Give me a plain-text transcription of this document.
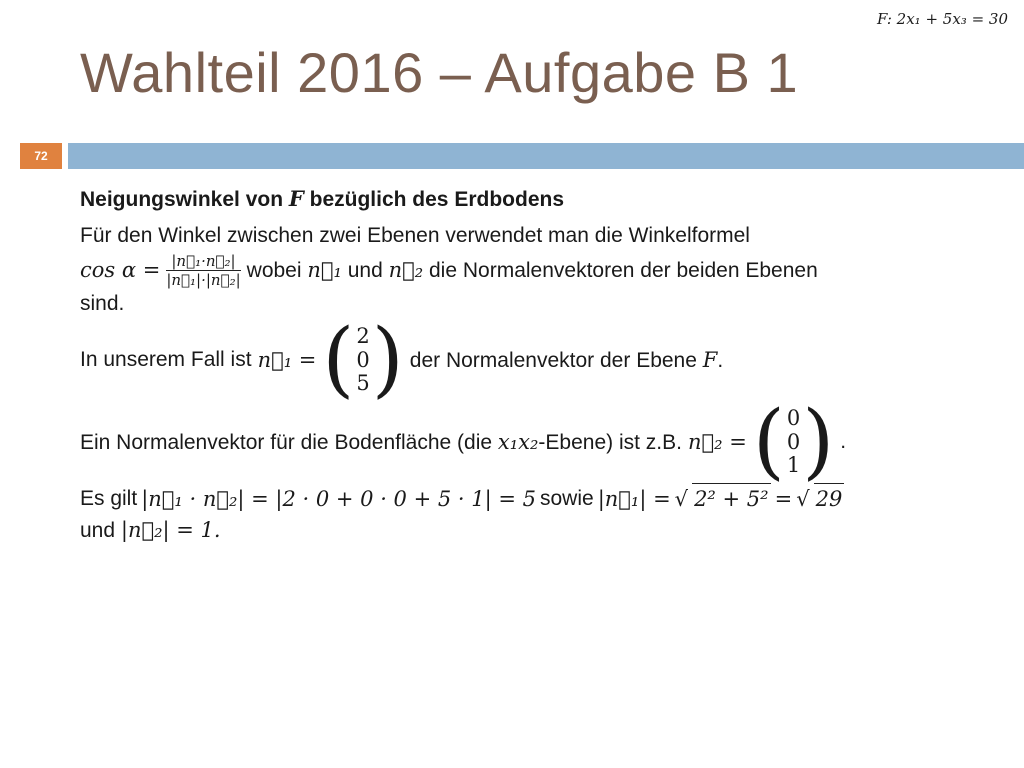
F: 2x₁ + 5x₃ = 30
Wahlteil 2016 – Aufgabe B 1
72

Neigungswinkel von F bezüglich des Erdbodens

Für den Winkel zwischen zwei Ebenen verwendet man die Winkelformel

$\cos \alpha = \frac{\text{|n⃗₁·n⃗₂|}}{\text{|n⃗₁|·|n⃗₂|}}$ wobei n⃗₁ und n⃗₂ die Normalenvektoren der beiden Ebenen

sind.

In unserem Fall ist n⃗₁ = ( 2
0
5 ) der Normalenvektor der Ebene F.
Ein Normalenvektor für die Bodenfläche (die x₁x₂-Ebene) ist z.B. n⃗₂ = ( 0
0
1 ) .
Es gilt |n⃗₁ · n⃗₂| = |2 · 0 + 0 · 0 + 5 · 1| = 5 sowie |n⃗₁| = √ 2² + 5² = √ 29

und |n⃗₂| = 1.
